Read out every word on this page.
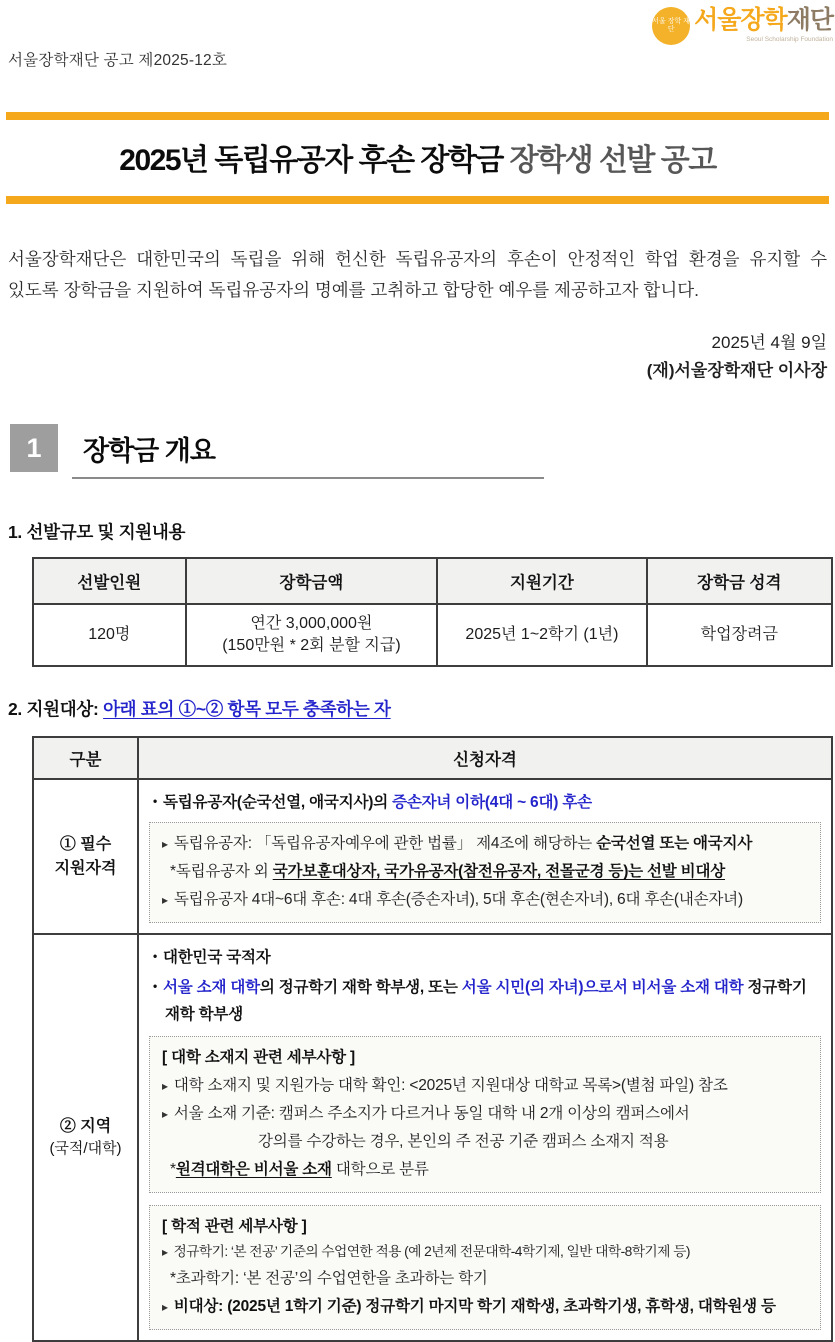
서울장학재단 공고 제2025-12호
서울 장학 재단 서울장학재단
Seoul Scholarship Foundation
2025년 독립유공자 후손 장학금 장학생 선발 공고

서울장학재단은 대한민국의 독립을 위해 헌신한 독립유공자의 후손이 안정적인 학업 환경을 유지할 수 있도록 장학금을 지원하여 독립유공자의 명예를 고취하고 합당한 예우를 제공하고자 합니다.

2025년 4월 9일
(재)서울장학재단 이사장
1	장학금 개요
1. 선발규모 및 지원내용
선발인원	장학금액	지원기간	장학금 성격
120명	연간 3,000,000원
(150만원 * 2회 분할 지급)	2025년 1~2학기 (1년)	학업장려금
2. 지원대상: 아래 표의 ①~② 항목 모두 충족하는 자
구분	신청자격

① 필수
지원자격

• 독립유공자(순국선열, 애국지사)의 증손자녀 이하(4대 ~ 6대) 후손
▸ 독립유공자: 「독립유공자예우에 관한 법률」 제4조에 해당하는 순국선열 또는 애국지사
*독립유공자 외 국가보훈대상자, 국가유공자(참전유공자, 전몰군경 등)는 선발 비대상
▸ 독립유공자 4대~6대 후손: 4대 후손(증손자녀), 5대 후손(현손자녀), 6대 후손(내손자녀)

② 지역
(국적/대학)

• 대한민국 국적자
• 서울 소재 대학의 정규학기 재학 학부생, 또는 서울 시민(의 자녀)으로서 비서울 소재 대학 정규학기 재학 학부생
[ 대학 소재지 관련 세부사항 ]
▸ 대학 소재지 및 지원가능 대학 확인: <2025년 지원대상 대학교 목록>(별첨 파일) 참조
▸ 서울 소재 기준: 캠퍼스 주소지가 다르거나 동일 대학 내 2개 이상의 캠퍼스에서
강의를 수강하는 경우, 본인의 주 전공 기준 캠퍼스 소재지 적용
*원격대학은 비서울 소재 대학으로 분류
[ 학적 관련 세부사항 ]
▸ 정규학기: ‘본 전공’ 기준의 수업연한 적용 (예 2년제 전문대학-4학기제, 일반 대학-8학기제 등)
*초과학기: ‘본 전공’의 수업연한을 초과하는 학기
▸ 비대상: (2025년 1학기 기준) 정규학기 마지막 학기 재학생, 초과학기생, 휴학생, 대학원생 등
